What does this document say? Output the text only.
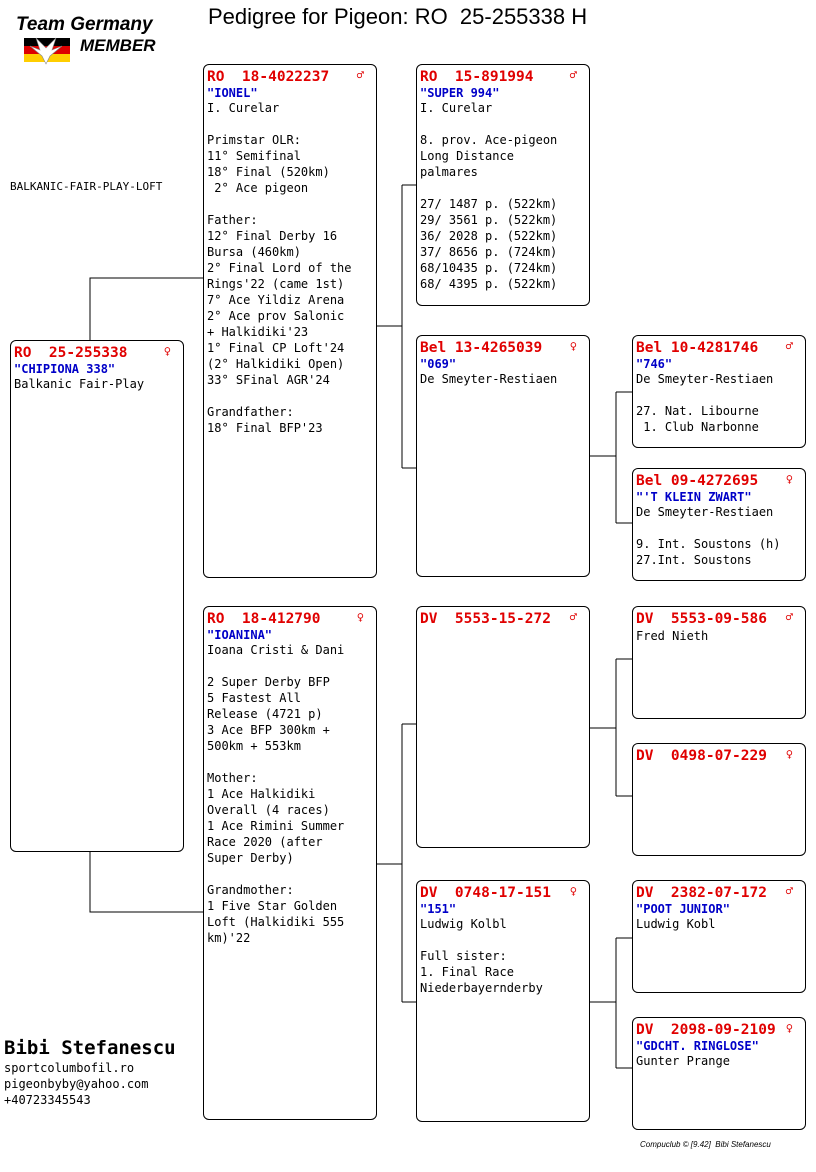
Pedigree for Pigeon: RO  25-255338 H
Team Germany
MEMBER
BALKANIC-FAIR-PLAY-LOFT
RO  25-255338	♀
"CHIPIONA 338"
Balkanic Fair-Play
RO  18-4022237	♂
"IONEL"
I. Curelar

Primstar OLR:
11° Semifinal
18° Final (520km)
2° Ace pigeon

Father:
12° Final Derby 16
Bursa (460km)
2° Final Lord of the
Rings'22 (came 1st)
7° Ace Yildiz Arena
2° Ace prov Salonic
+ Halkidiki'23
1° Final CP Loft'24
(2° Halkidiki Open)
33° SFinal AGR'24

Grandfather:
18° Final BFP'23
RO  18-412790	♀
"IOANINA"
Ioana Cristi & Dani

2 Super Derby BFP
5 Fastest All
Release (4721 p)
3 Ace BFP 300km +
500km + 553km

Mother:
1 Ace Halkidiki
Overall (4 races)
1 Ace Rimini Summer
Race 2020 (after
Super Derby)

Grandmother:
1 Five Star Golden
Loft (Halkidiki 555
km)'22
RO  15-891994	♂
"SUPER 994"
I. Curelar

8. prov. Ace-pigeon
Long Distance
palmares

27/ 1487 p. (522km)
29/ 3561 p. (522km)
36/ 2028 p. (522km)
37/ 8656 p. (724km)
68/10435 p. (724km)
68/ 4395 p. (522km)
Bel 13-4265039	♀
"069"
De Smeyter-Restiaen
DV  5553-15-272	♂
DV  0748-17-151	♀
"151"
Ludwig Kolbl

Full sister:
1. Final Race
Niederbayernderby
Bel 10-4281746	♂
"746"
De Smeyter-Restiaen

27. Nat. Libourne
1. Club Narbonne
Bel 09-4272695	♀
"'T KLEIN ZWART"
De Smeyter-Restiaen

9. Int. Soustons (h)
27.Int. Soustons
DV  5553-09-586	♂
Fred Nieth
DV  0498-07-229	♀
DV  2382-07-172	♂
"POOT JUNIOR"
Ludwig Kobl
DV  2098-09-2109 ♀
"GDCHT. RINGLOSE"
Gunter Prange
Bibi Stefanescu
sportcolumbofil.ro
pigeonbyby@yahoo.com
+40723345543
Compuclub © [9.42]  Bibi Stefanescu
